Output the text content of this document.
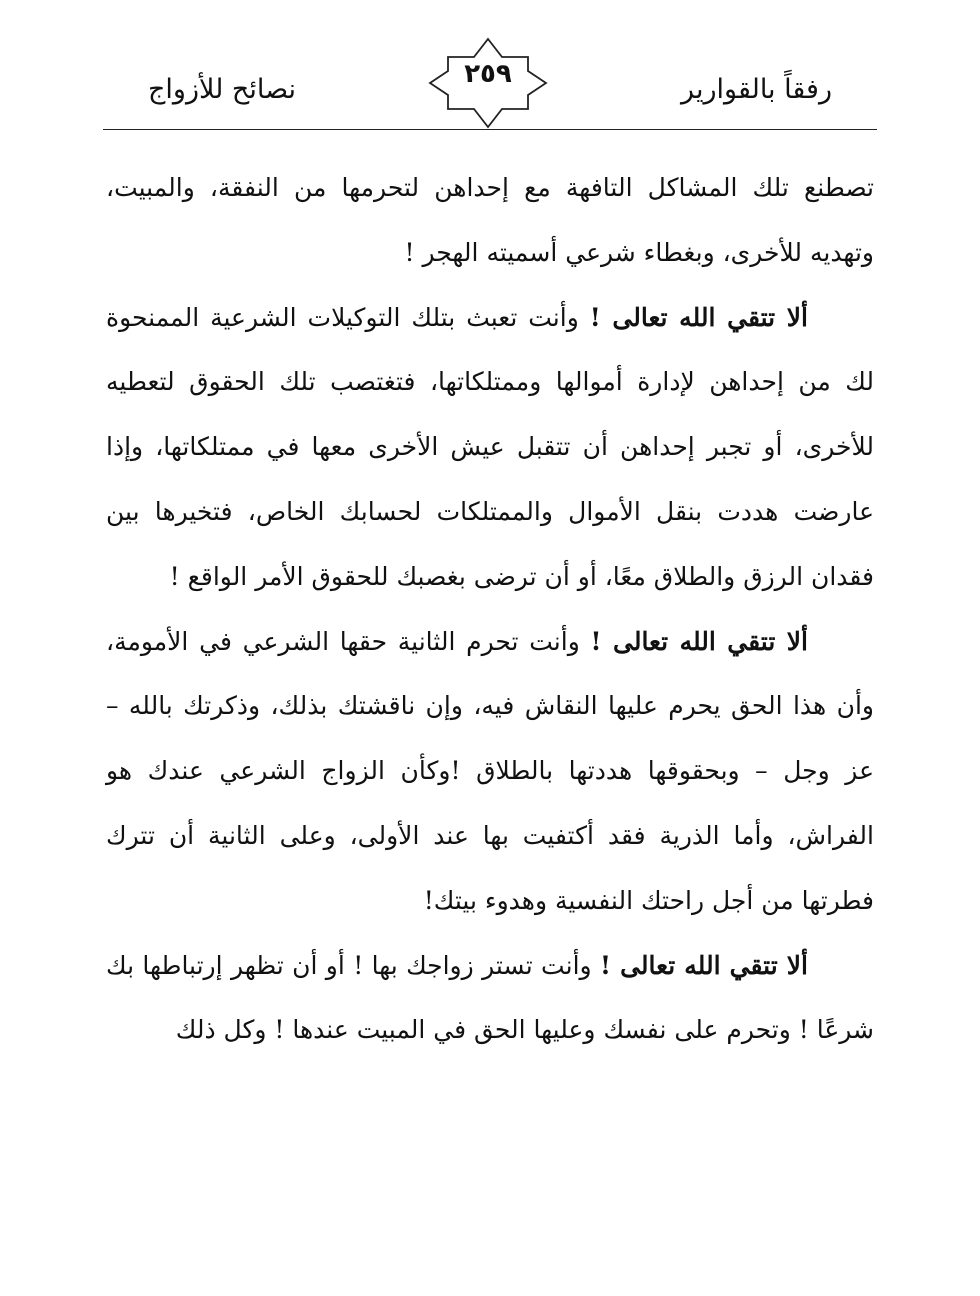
رفقاً بالقوارير
٢٥٩
نصائح للأزواج

تصطنع تلك المشاكل التافهة مع إحداهن لتحرمها من النفقة، والمبيت، وتهديه للأخرى، وبغطاء شرعي أسميته الهجر !

ألا تتقي الله تعالى ! وأنت تعبث بتلك التوكيلات الشرعية الممنحوة لك من إحداهن لإدارة أموالها وممتلكاتها، فتغتصب تلك الحقوق لتعطيه للأخرى، أو تجبر إحداهن أن تتقبل عيش الأخرى معها في ممتلكاتها، وإذا عارضت هددت بنقل الأموال والممتلكات لحسابك الخاص، فتخيرها بين فقدان الرزق والطلاق معًا، أو أن ترضى بغصبك للحقوق الأمر الواقع !

ألا تتقي الله تعالى ! وأنت تحرم الثانية حقها الشرعي في الأمومة، وأن هذا الحق يحرم عليها النقاش فيه، وإن ناقشتك بذلك، وذكرتك بالله – عز وجل – وبحقوقها هددتها بالطلاق !وكأن الزواج الشرعي عندك هو الفراش، وأما الذرية فقد أكتفيت بها عند الأولى، وعلى الثانية أن تترك فطرتها من أجل راحتك النفسية وهدوء بيتك!

ألا تتقي الله تعالى ! وأنت تستر زواجك بها ! أو أن تظهر إرتباطها بك شرعًا ! وتحرم على نفسك وعليها الحق في المبيت عندها ! وكل ذلك
